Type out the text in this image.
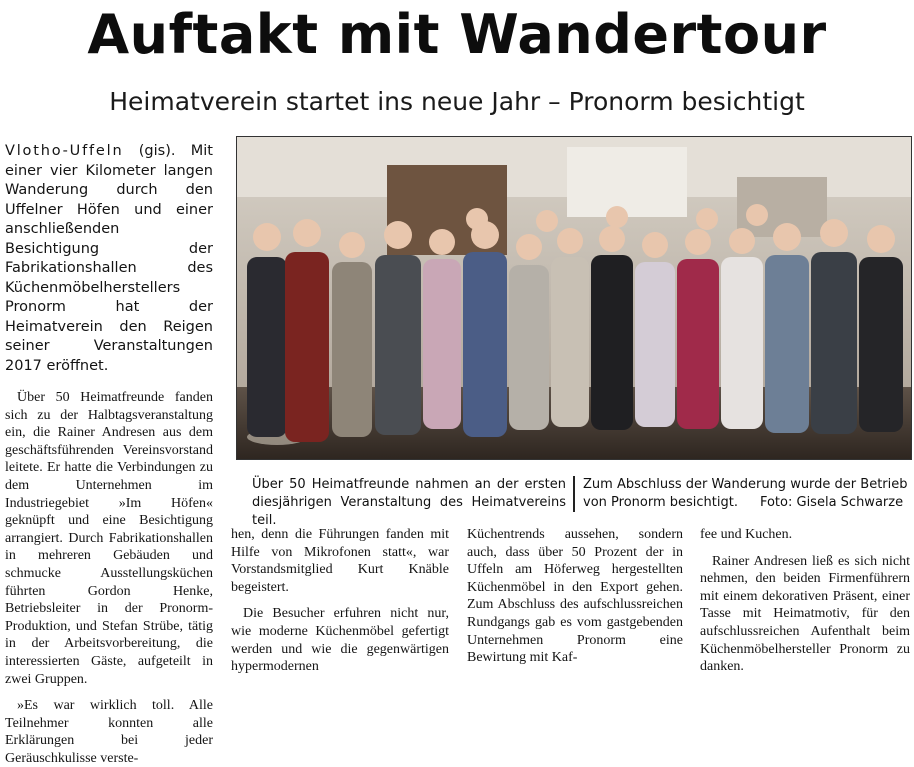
Auftakt mit Wandertour
Heimatverein startet ins neue Jahr – Pronorm besichtigt

Vlotho-Uffeln (gis). Mit einer vier Kilometer langen Wanderung durch den Uffelner Höfen und einer anschließenden Besichtigung der Fabrikationshallen des Küchenmöbelherstellers Pronorm hat der Heimatverein den Reigen seiner Veranstaltungen 2017 eröffnet.

Über 50 Heimatfreunde fanden sich zu der Halbtagsveranstaltung ein, die Rainer Andresen aus dem geschäftsführenden Vereinsvorstand leitete. Er hatte die Verbindungen zu dem Unternehmen im Industriegebiet »Im Höfen« geknüpft und eine Besichtigung arrangiert. Durch Fabrikationshallen in mehreren Gebäuden und schmucke Ausstellungsküchen führten Gordon Henke, Betriebsleiter in der Pronorm-Produktion, und Stefan Strübe, tätig in der Arbeitsvorbereitung, die interessierten Gäste, aufgeteilt in zwei Gruppen.

»Es war wirklich toll. Alle Teilnehmer konnten alle Erklärungen bei jeder Geräuschkulisse verste-

Über 50 Heimatfreunde nahmen an der ersten diesjährigen Veranstaltung des Heimatvereins teil.
Zum Abschluss der Wanderung wurde der Betrieb von Pronorm besichtigt. Foto: Gisela Schwarze

hen, denn die Führungen fanden mit Hilfe von Mikrofonen statt«, war Vorstandsmitglied Kurt Knäble begeistert.

Die Besucher erfuhren nicht nur, wie moderne Küchenmöbel gefertigt werden und wie die gegenwärtigen hypermodernen

Küchentrends aussehen, sondern auch, dass über 50 Prozent der in Uffeln am Höferweg hergestellten Küchenmöbel in den Export gehen. Zum Abschluss des aufschlussreichen Rundgangs gab es vom gastgebenden Unternehmen Pronorm eine Bewirtung mit Kaf-

fee und Kuchen.

Rainer Andresen ließ es sich nicht nehmen, den beiden Firmenführern mit einem dekorativen Präsent, einer Tasse mit Heimatmotiv, für den aufschlussreichen Aufenthalt beim Küchenmöbelhersteller Pronorm zu danken.
